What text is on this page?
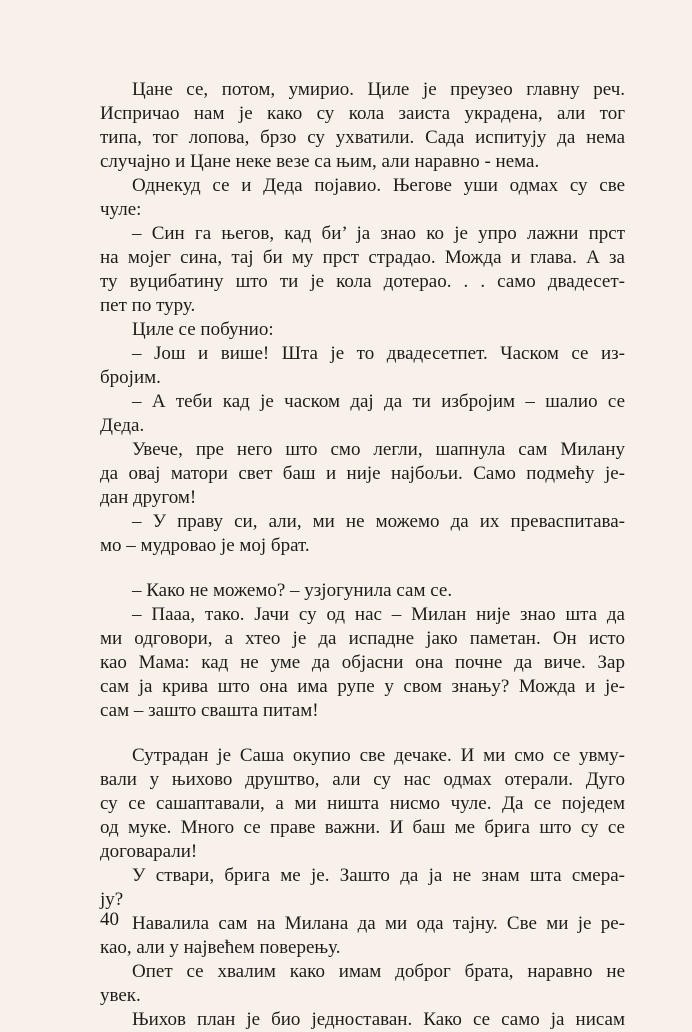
Цане се, потом, умирио. Циле је преузео главну реч.
Испричао нам је како су кола заиста украдена, али тог
типа, тог лопова, брзо су ухватили. Сада испитују да нема
случајно и Цане неке везе са њим, али наравно - нема.
Однекуд се и Деда појавио. Његове уши одмах су све
чуле:
– Син га његов, кад би’ ја знао ко је упро лажни прст
на мојег сина, тај би му прст страдао. Можда и глава. А за
ту вуцибатину што ти је кола дотерао. . . само двадесет-
пет по туру.
Циле се побунио:
– Још и више! Шта је то двадесетпет. Часком се из-
бројим.
– А теби кад је часком дај да ти избројим – шалио се
Деда.
Увече, пре него што смо легли, шапнула сам Милану
да овај матори свет баш и није најбољи. Само подмећу је-
дан другом!
– У праву си, али, ми не можемо да их преваспитава-
мо – мудровао је мој брат.
– Како не можемо? – узјогунила сам се.
– Пааа, тако. Јачи су од нас – Милан није знао шта да
ми одговори, а хтео је да испадне јако паметан. Он исто
као Мама: кад не уме да објасни она почне да виче. Зар
сам ја крива што она има рупе у свом знању? Можда и је-
сам – зашто свашта питам!
Сутрадан је Саша окупио све дечаке. И ми смо се увму-
вали у њихово друштво, али су нас одмах отерали. Дуго
су се сашаптавали, а ми ништа нисмо чуле. Да се поједем
од муке. Много се праве важни. И баш ме брига што су се
договарали!
У ствари, брига ме је. Зашто да ја не знам шта смера-
ју?
Навалила сам на Милана да ми ода тајну. Све ми је ре-
као, али у највећем поверењу.
Опет се хвалим како имам доброг брата, наравно не
увек.
Њихов план је био једноставан. Како се само ја нисам
40
